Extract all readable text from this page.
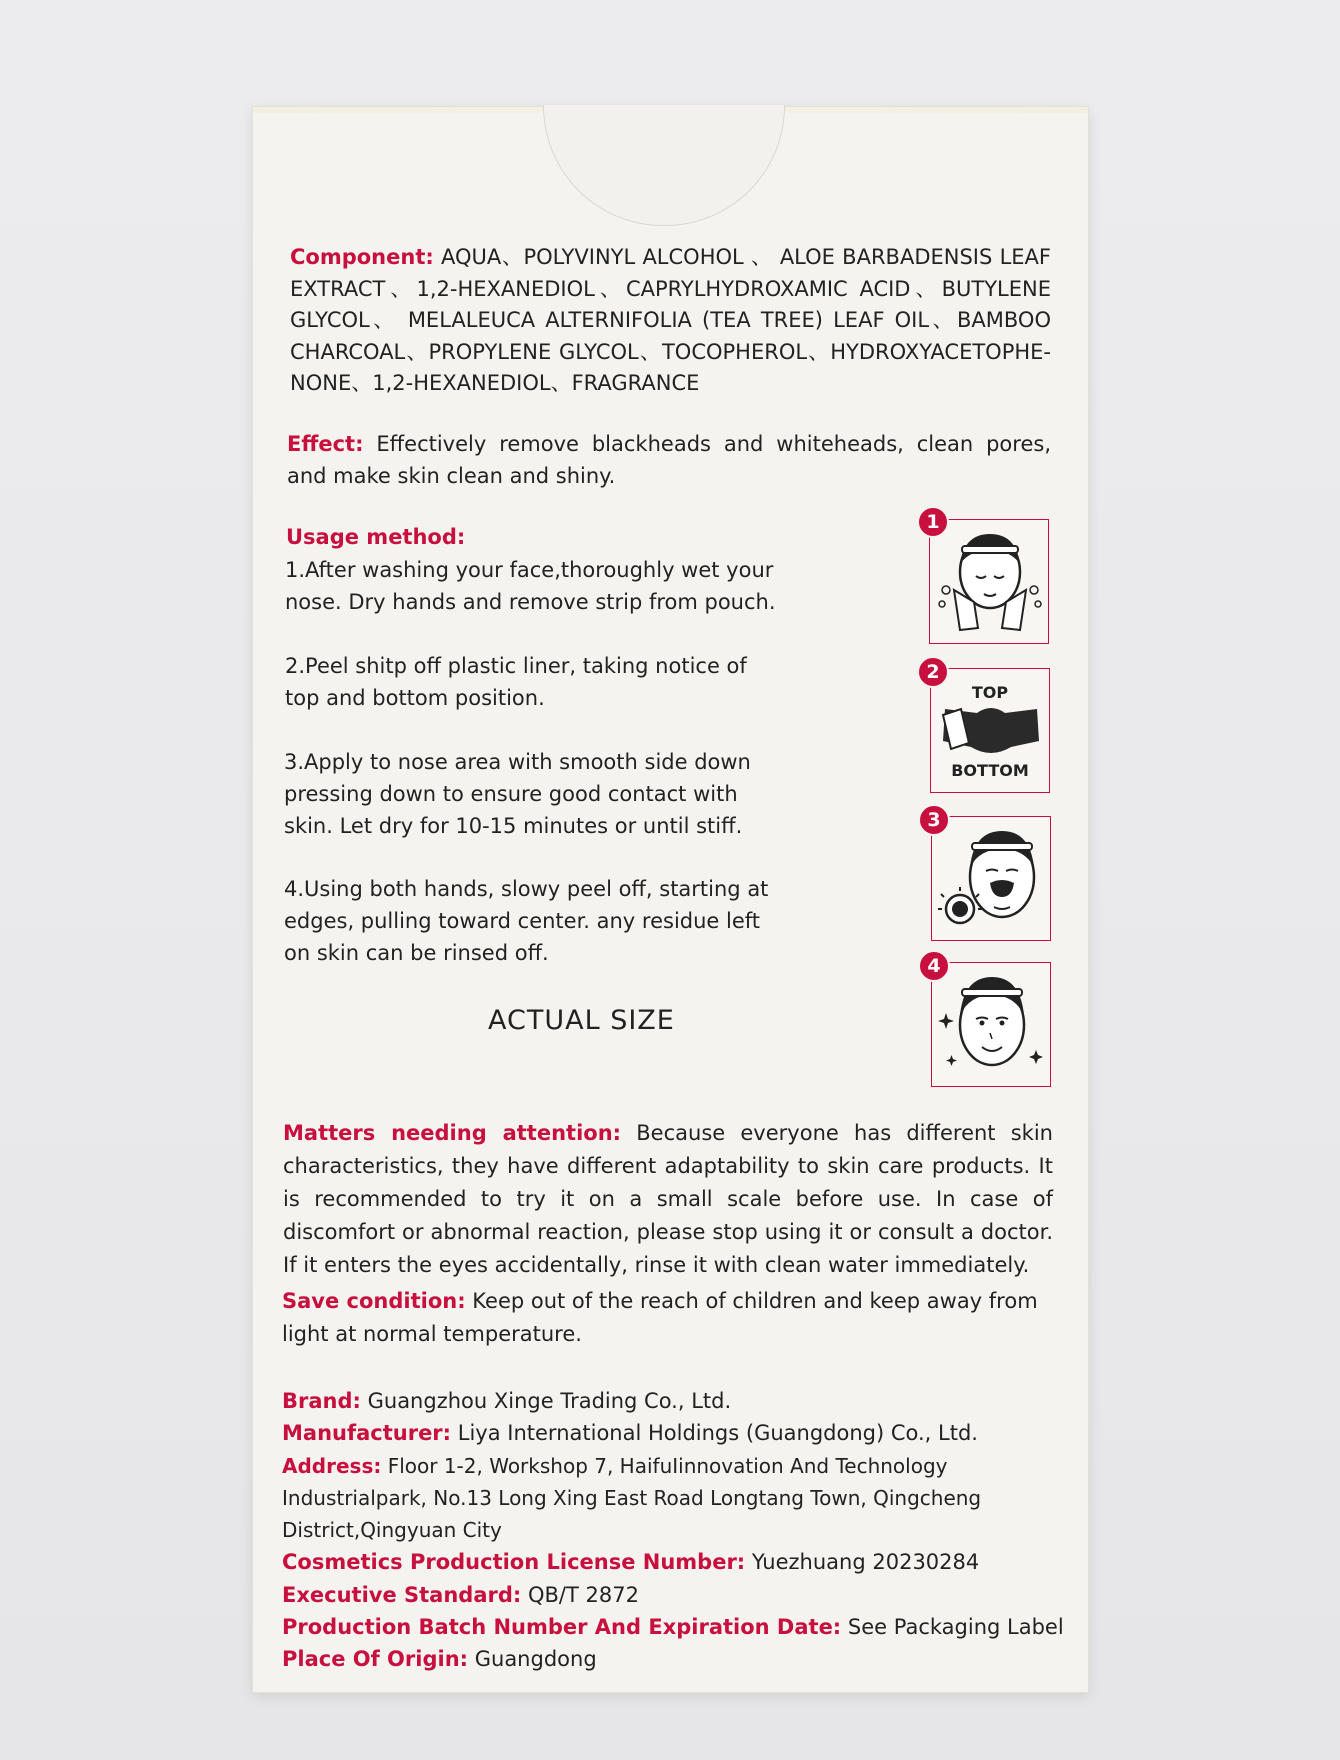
Component: AQUA、POLYVINYL ALCOHOL 、 ALOE BARBADENSIS LEAF EXTRACT、1,2-HEXANEDIOL、CAPRYLHYDROXAMIC ACID、BUTYLENE GLYCOL、 MELALEUCA ALTERNIFOLIA (TEA TREE) LEAF OIL、BAMBOO CHARCOAL、PROPYLENE GLYCOL、TOCOPHEROL、HYDROXYACETOPHE-NONE、1,2-HEXANEDIOL、FRAGRANCE
Effect: Effectively remove blackheads and whiteheads, clean pores, and make skin clean and shiny.
Usage method:
1.After washing your face,thoroughly wet your nose. Dry hands and remove strip from pouch.
2.Peel shitp off plastic liner, taking notice of top and bottom position.
3.Apply to nose area with smooth side down pressing down to ensure good contact with skin. Let dry for 10-15 minutes or until stiff.
4.Using both hands, slowy peel off, starting at edges, pulling toward center. any residue left on skin can be rinsed off.
ACTUAL SIZE
1
TOP
BOTTOM
2
3
4
Matters needing attention: Because everyone has different skin characteristics, they have different adaptability to skin care products. It is recommended to try it on a small scale before use. In case of discomfort or abnormal reaction, please stop using it or consult a doctor. If it enters the eyes accidentally, rinse it with clean water immediately.
Save condition: Keep out of the reach of children and keep away from light at normal temperature.
Brand: Guangzhou Xinge Trading Co., Ltd.
Manufacturer: Liya International Holdings (Guangdong) Co., Ltd.
Address: Floor 1-2, Workshop 7, HaifuIinnovation And Technology Industrialpark, No.13 Long Xing East Road Longtang Town, Qingcheng District,Qingyuan City
Cosmetics Production License Number: Yuezhuang 20230284
Executive Standard: QB/T 2872
Production Batch Number And Expiration Date: See Packaging Label
Place Of Origin: Guangdong
